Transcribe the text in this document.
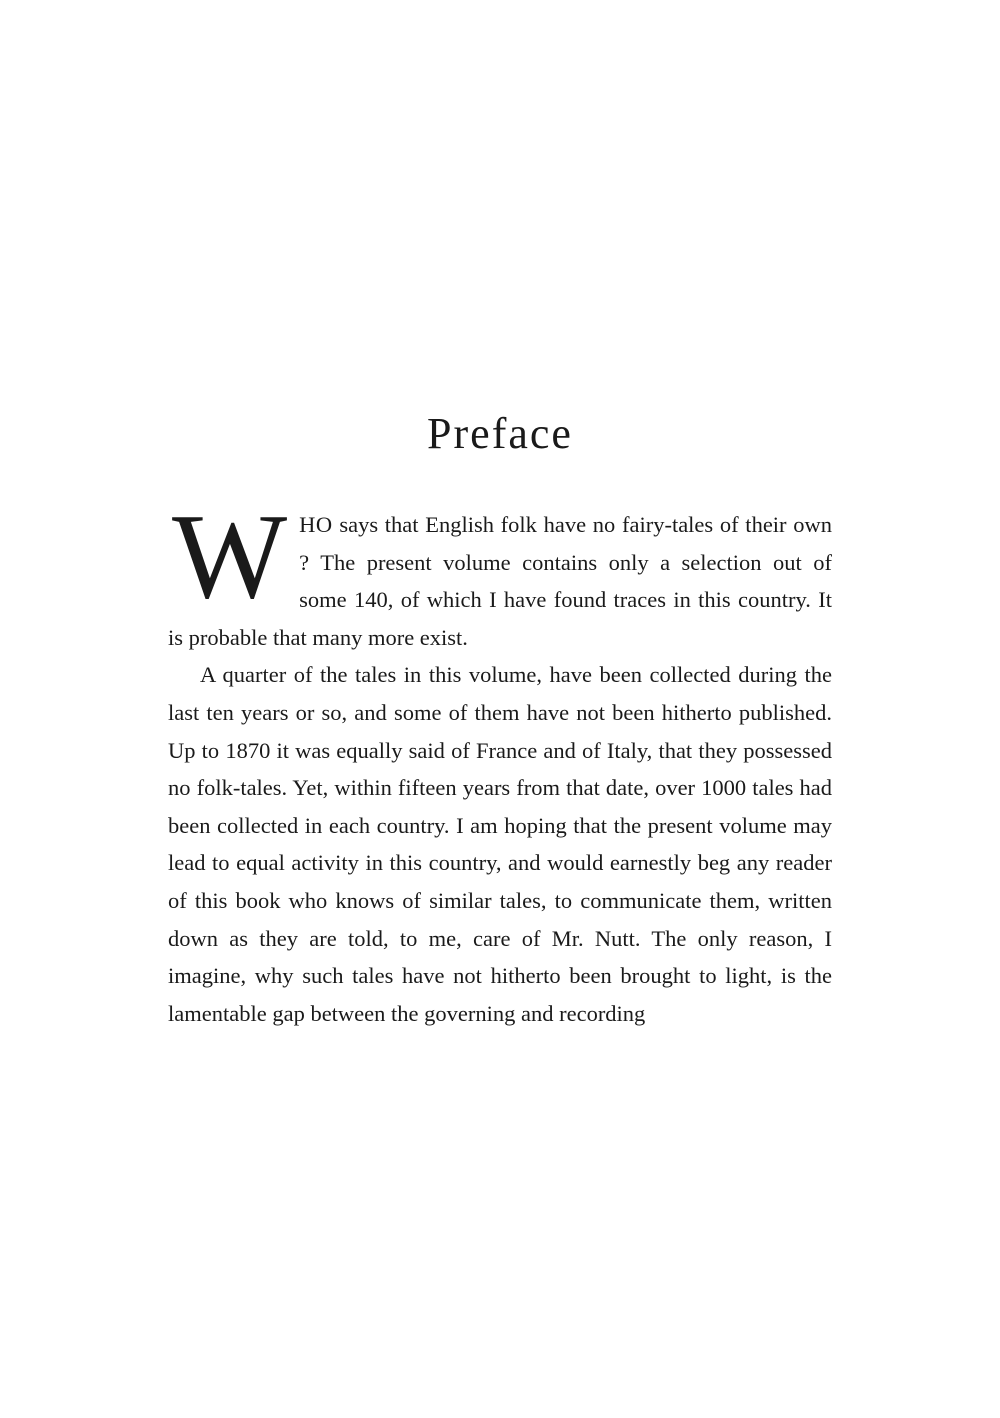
Preface

WHO says that English folk have no fairy-tales of their own ? The present volume contains only a selection out of some 140, of which I have found traces in this country. It is probable that many more exist.

A quarter of the tales in this volume, have been collected during the last ten years or so, and some of them have not been hitherto published. Up to 1870 it was equally said of France and of Italy, that they possessed no folk-tales. Yet, within fifteen years from that date, over 1000 tales had been collected in each country. I am hoping that the present volume may lead to equal activity in this country, and would earnestly beg any reader of this book who knows of similar tales, to communicate them, written down as they are told, to me, care of Mr. Nutt. The only reason, I imagine, why such tales have not hitherto been brought to light, is the lamentable gap between the governing and recording
